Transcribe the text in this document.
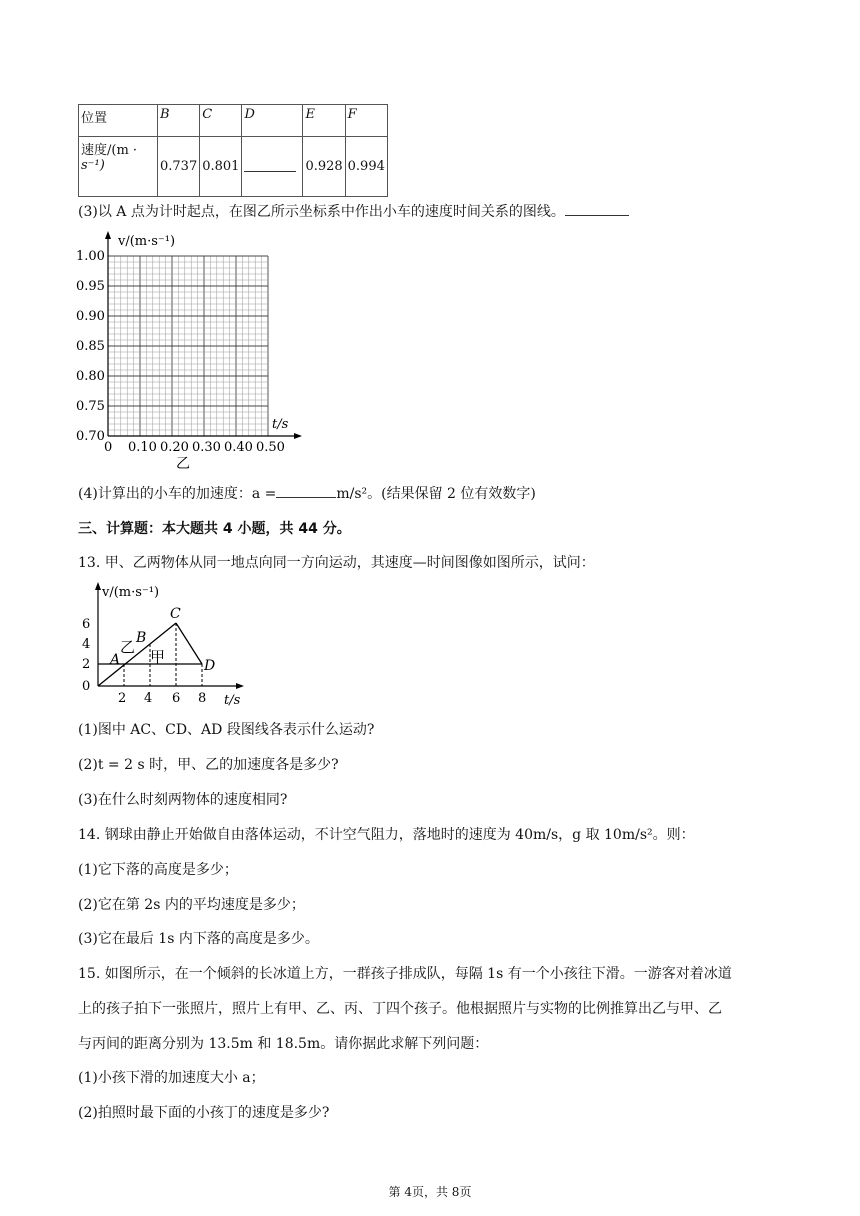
位置	B	C	D	E	F

速度/(m ·
s⁻¹)	0.737	0.801		0.928	0.994
(3)以 A 点为计时起点，在图乙所示坐标系中作出小车的速度时间关系的图线。
v/(m·s⁻¹)
t/s
0.70
0.75
0.80
0.85
0.90
0.95
1.00
0 0.10 0.20 0.30 0.40 0.50
乙
(4)计算出的小车的加速度：a =	m/s²。(结果保留 2 位有效数字)
三、计算题：本大题共 4 小题，共 44 分。
13. 甲、乙两物体从同一地点向同一方向运动，其速度—时间图像如图所示，试问：
v/(m·s⁻¹)
t/s
0
2
4
6
2 4 6 8
A
B
C
D
乙
甲
(1)图中 AC、CD、AD 段图线各表示什么运动?
(2)t = 2 s 时，甲、乙的加速度各是多少?
(3)在什么时刻两物体的速度相同?
14. 钢球由静止开始做自由落体运动，不计空气阻力，落地时的速度为 40m/s，g 取 10m/s²。则：
(1)它下落的高度是多少；
(2)它在第 2s 内的平均速度是多少；
(3)它在最后 1s 内下落的高度是多少。
15. 如图所示，在一个倾斜的长冰道上方，一群孩子排成队，每隔 1s 有一个小孩往下滑。一游客对着冰道
上的孩子拍下一张照片，照片上有甲、乙、丙、丁四个孩子。他根据照片与实物的比例推算出乙与甲、乙
与丙间的距离分别为 13.5m 和 18.5m。请你据此求解下列问题：
(1)小孩下滑的加速度大小 a；
(2)拍照时最下面的小孩丁的速度是多少?
第 4页，共 8页
